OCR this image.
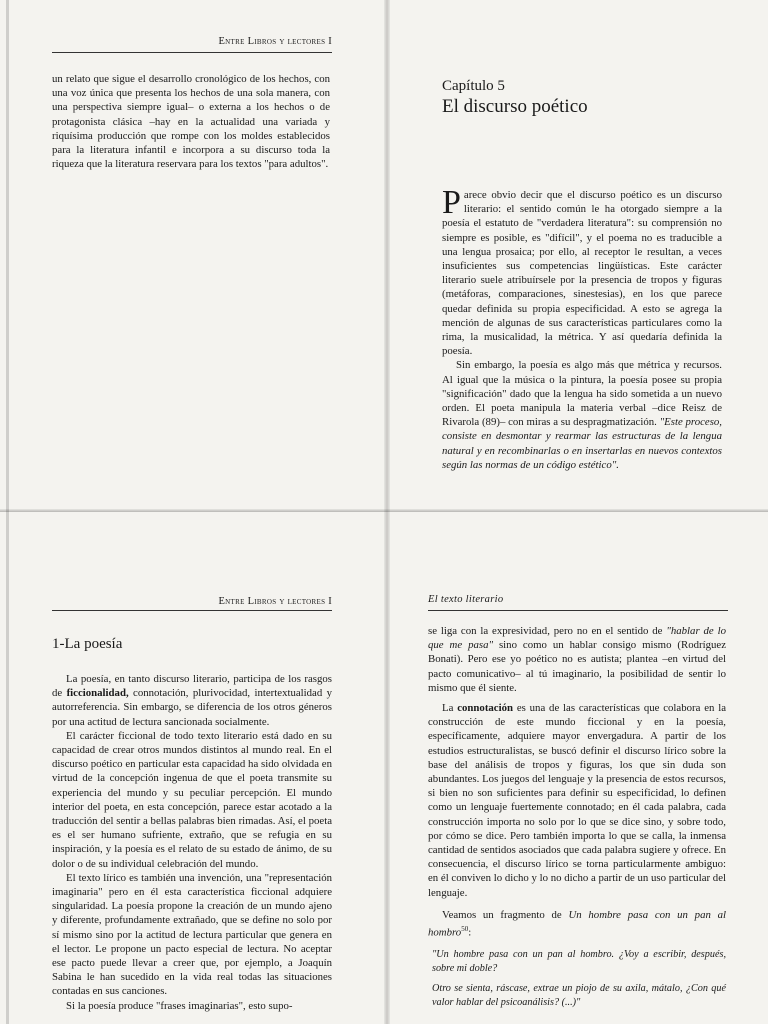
Entre Libros y lectores I

un relato que sigue el desarrollo cronológico de los hechos, con una voz única que presenta los hechos de una sola manera, con una perspectiva siempre igual– o externa a los hechos o de protagonista clásica –hay en la actualidad una variada y riquísima producción que rompe con los moldes establecidos para la literatura infantil e incorpora a su discurso toda la riqueza que la literatura reservara para los textos "para adultos".

Capítulo 5
El discurso poético

Parece obvio decir que el discurso poético es un discurso literario: el sentido común le ha otorgado siempre a la poesía el estatuto de "verdadera literatura": su comprensión no siempre es posible, es "difícil", y el poema no es traducible a una lengua prosaica; por ello, al receptor le resultan, a veces insuficientes sus competencias lingüísticas. Este carácter literario suele atribuírsele por la presencia de tropos y figuras (metáforas, comparaciones, sinestesias), en los que parece quedar definida su propia especificidad. A esto se agrega la mención de algunas de sus características particulares como la rima, la musicalidad, la métrica. Y así quedaría definida la poesía.

Sin embargo, la poesía es algo más que métrica y recursos. Al igual que la música o la pintura, la poesía posee su propia "significación" dado que la lengua ha sido sometida a un nuevo orden. El poeta manipula la materia verbal –dice Reisz de Rivarola (89)– con miras a su despragmatización. "Este proceso, consiste en desmontar y rearmar las estructuras de la lengua natural y en recombinarlas o en insertarlas en nuevos contextos según las normas de un código estético".

Entre Libros y lectores I
1-La poesía

La poesía, en tanto discurso literario, participa de los rasgos de ficcionalidad, connotación, plurivocidad, intertextualidad y autorreferencia. Sin embargo, se diferencia de los otros géneros por una actitud de lectura sancionada socialmente.

El carácter ficcional de todo texto literario está dado en su capacidad de crear otros mundos distintos al mundo real. En el discurso poético en particular esta capacidad ha sido olvidada en virtud de la concepción ingenua de que el poeta transmite su experiencia del mundo y su peculiar percepción. El mundo interior del poeta, en esta concepción, parece estar acotado a la traducción del sentir a bellas palabras bien rimadas. Así, el poeta es el ser humano sufriente, extraño, que se refugia en su inspiración, y la poesía es el relato de su estado de ánimo, de su dolor o de su individual celebración del mundo.

El texto lírico es también una invención, una "representación imaginaria" pero en él esta característica ficcional adquiere singularidad. La poesía propone la creación de un mundo ajeno y diferente, profundamente extrañado, que se define no solo por sí mismo sino por la actitud de lectura particular que genera en el lector. Le propone un pacto especial de lectura. No aceptar ese pacto puede llevar a creer que, por ejemplo, a Joaquín Sabina le han sucedido en la vida real todas las situaciones contadas en sus canciones.

Si la poesía produce "frases imaginarias", esto supo-

El texto literario

se liga con la expresividad, pero no en el sentido de "hablar de lo que me pasa" sino como un hablar consigo mismo (Rodríguez Bonati). Pero ese yo poético no es autista; plantea –en virtud del pacto comunicativo– al tú imaginario, la posibilidad de sentir lo mismo que él siente.

La connotación es una de las características que colabora en la construcción de este mundo ficcional y en la poesía, específicamente, adquiere mayor envergadura. A partir de los estudios estructuralistas, se buscó definir el discurso lírico sobre la base del análisis de tropos y figuras, los que sin duda son abundantes. Los juegos del lenguaje y la presencia de estos recursos, si bien no son suficientes para definir su especificidad, lo definen como un lenguaje fuertemente connotado; en él cada palabra, cada construcción importa no solo por lo que se dice sino, y sobre todo, por cómo se dice. Pero también importa lo que se calla, la inmensa cantidad de sentidos asociados que cada palabra sugiere y ofrece. En consecuencia, el discurso lírico se torna particularmente ambiguo: en él conviven lo dicho y lo no dicho a partir de un uso particular del lenguaje.

Veamos un fragmento de Un hombre pasa con un pan al hombro$^{50}$:

"Un hombre pasa con un pan al hombro. ¿Voy a escribir, después, sobre mi doble?

Otro se sienta, ráscase, extrae un piojo de su axila, mátalo, ¿Con qué valor hablar del psicoanálisis? (...)"
